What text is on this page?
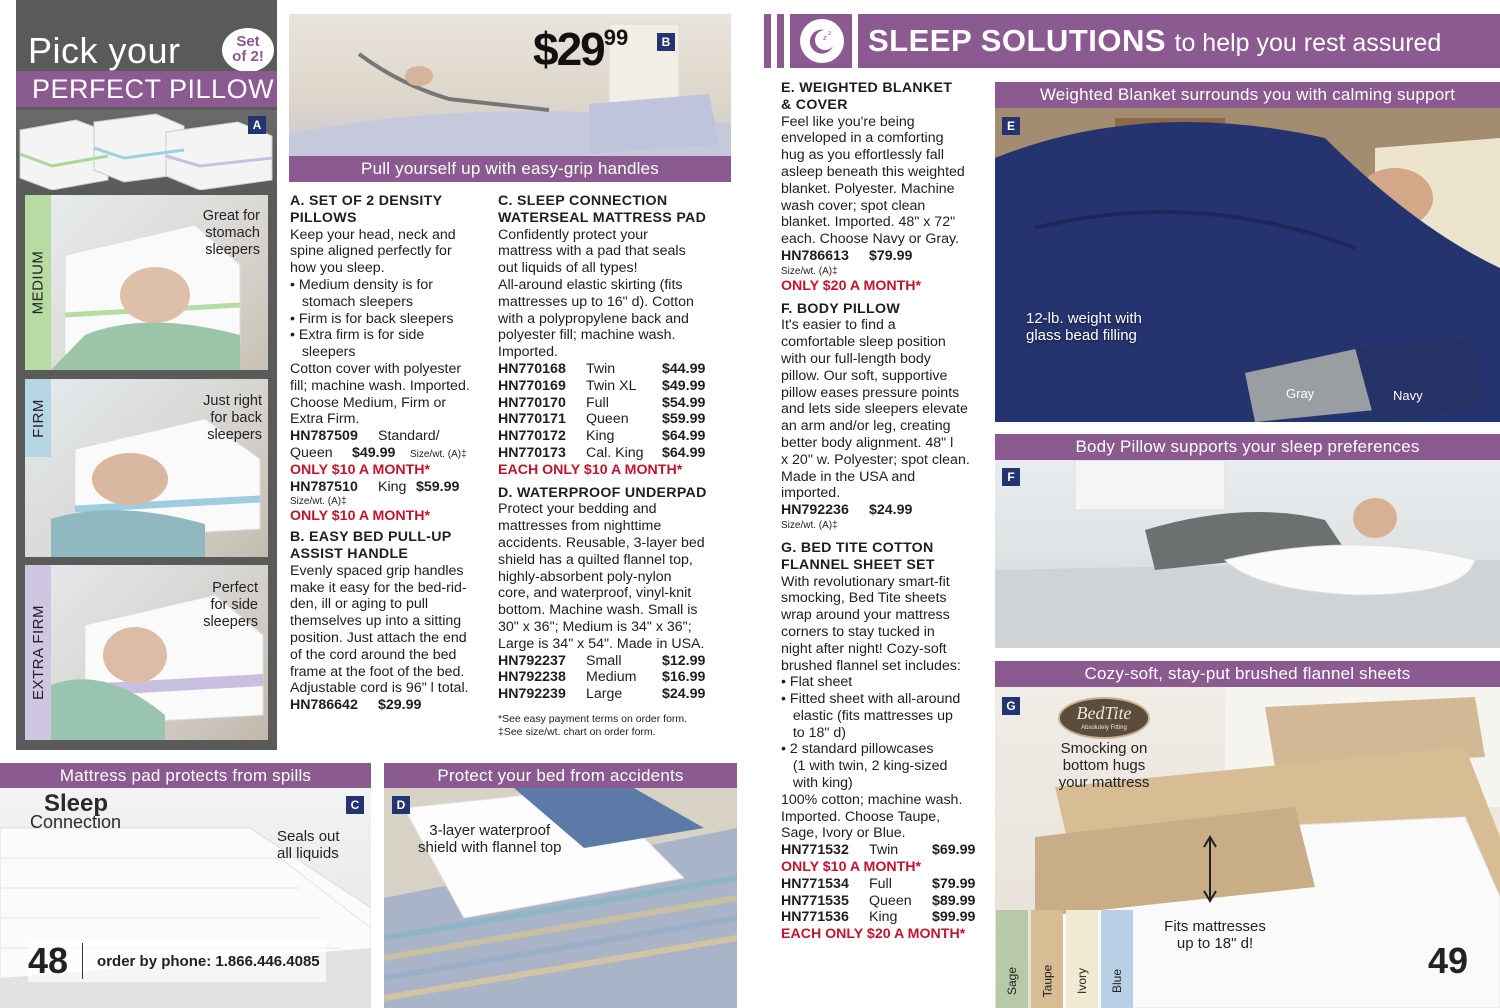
Pick your	Set
of 2!
PERFECT PILLOW
A
MEDIUM
Great for
stomach
sleepers
FIRM	Just right
for back
sleepers
EXTRA FIRM
Perfect
for side
sleepers
$29 99	B
Pull yourself up with easy-grip handles
A. SET OF 2 DENSITY
PILLOWS
Keep your head, neck and
spine aligned perfectly for
how you sleep.
• Medium density is for
stomach sleepers
• Firm is for back sleepers
• Extra firm is for side
sleepers
Cotton cover with polyester
fill; machine wash. Imported.
Choose Medium, Firm or
Extra Firm.
HN787509	Standard/
Queen	$49.99	Size/wt. (A)‡
ONLY $10 A MONTH*
HN787510	King $59.99
Size/wt. (A)‡
ONLY $10 A MONTH*
B. EASY BED PULL-UP
ASSIST HANDLE
Evenly spaced grip handles
make it easy for the bed-rid-
den, ill or aging to pull
themselves up into a sitting
position. Just attach the end
of the cord around the bed
frame at the foot of the bed.
Adjustable cord is 96" l total.
HN786642	$29.99
C. SLEEP CONNECTION
WATERSEAL MATTRESS PAD
Confidently protect your
mattress with a pad that seals
out liquids of all types!
All-around elastic skirting (fits
mattresses up to 16" d). Cotton
with a polypropylene back and
polyester fill; machine wash.
Imported.
HN770168	Twin	$44.99
HN770169	Twin XL	$49.99
HN770170	Full	$54.99
HN770171	Queen	$59.99
HN770172	King	$64.99
HN770173	Cal. King	$64.99
EACH ONLY $10 A MONTH*
D. WATERPROOF UNDERPAD
Protect your bedding and
mattresses from nighttime
accidents. Reusable, 3-layer bed
shield has a quilted flannel top,
highly-absorbent poly-nylon
core, and waterproof, vinyl-knit
bottom. Machine wash. Small is
30" x 36"; Medium is 34" x 36";
Large is 34" x 54". Made in USA.
HN792237	Small	$12.99
HN792238	Medium	$16.99
HN792239	Large	$24.99
*See easy payment terms on order form.
‡See size/wt. chart on order form.
Mattress pad protects from spills
Sleep
Connection
C
Seals out
all liquids
48 order by phone: 1.866.446.4085
Protect your bed from accidents
D
3-layer waterproof
shield with flannel top
z
z SLEEP SOLUTIONS to help you rest assured
E. WEIGHTED BLANKET
& COVER
Feel like you're being
enveloped in a comforting
hug as you effortlessly fall
asleep beneath this weighted
blanket. Polyester. Machine
wash cover; spot clean
blanket. Imported. 48" x 72"
each. Choose Navy or Gray.
HN786613	$79.99
Size/wt. (A)‡
ONLY $20 A MONTH*
F. BODY PILLOW
It's easier to find a
comfortable sleep position
with our full-length body
pillow. Our soft, supportive
pillow eases pressure points
and lets side sleepers elevate
an arm and/or leg, creating
better body alignment. 48" l
x 20" w. Polyester; spot clean.
Made in the USA and
imported.
HN792236	$24.99
Size/wt. (A)‡
G. BED TITE COTTON
FLANNEL SHEET SET
With revolutionary smart-fit
smocking, Bed Tite sheets
wrap around your mattress
corners to stay tucked in
night after night! Cozy-soft
brushed flannel set includes:
• Flat sheet
• Fitted sheet with all-around
elastic (fits mattresses up
to 18" d)
• 2 standard pillowcases
(1 with twin, 2 king-sized
with king)
100% cotton; machine wash.
Imported. Choose Taupe,
Sage, Ivory or Blue.
HN771532	Twin	$69.99
ONLY $10 A MONTH*
HN771534	Full	$79.99
HN771535	Queen	$89.99
HN771536	King	$99.99
EACH ONLY $20 A MONTH*
Weighted Blanket surrounds you with calming support
E
12-lb. weight with
glass bead filling
Gray	Navy
Body Pillow supports your sleep preferences
F
Cozy-soft, stay-put brushed flannel sheets
G	BedTite
Absolutely Fitting
Smocking on
bottom hugs
your mattress
Fits mattresses
up to 18" d!
Sage Taupe Ivory Blue	49
